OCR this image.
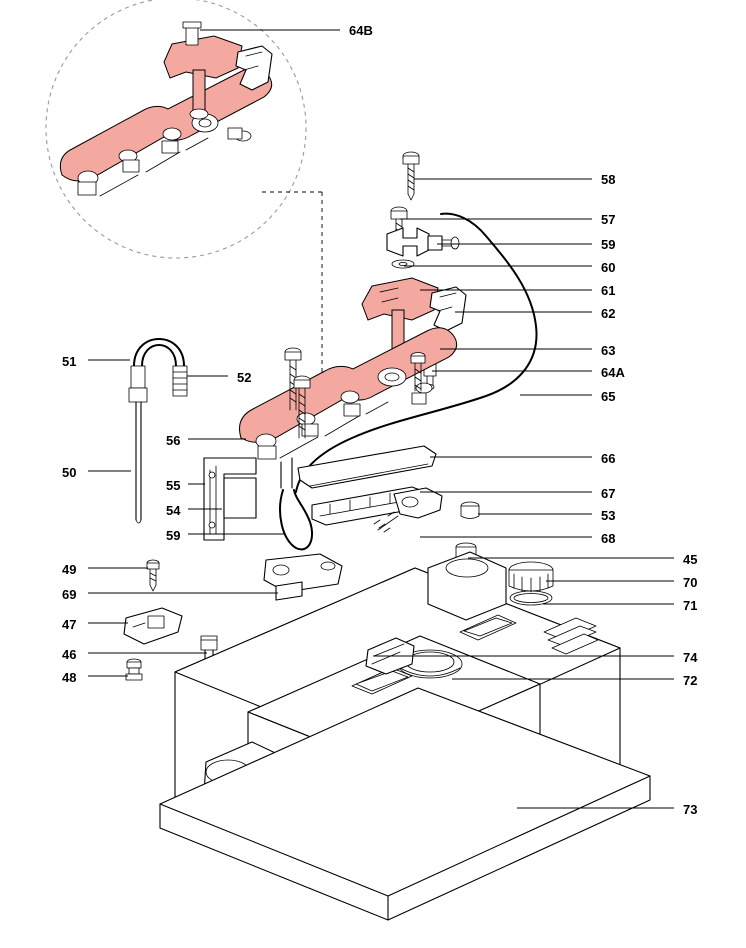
64B
58
57
59
60
61
62
63
64A
65
66
67
53
68
45
70
71
74
72
73
51
52
56
50
55
54
59
49
69
47
46
48
